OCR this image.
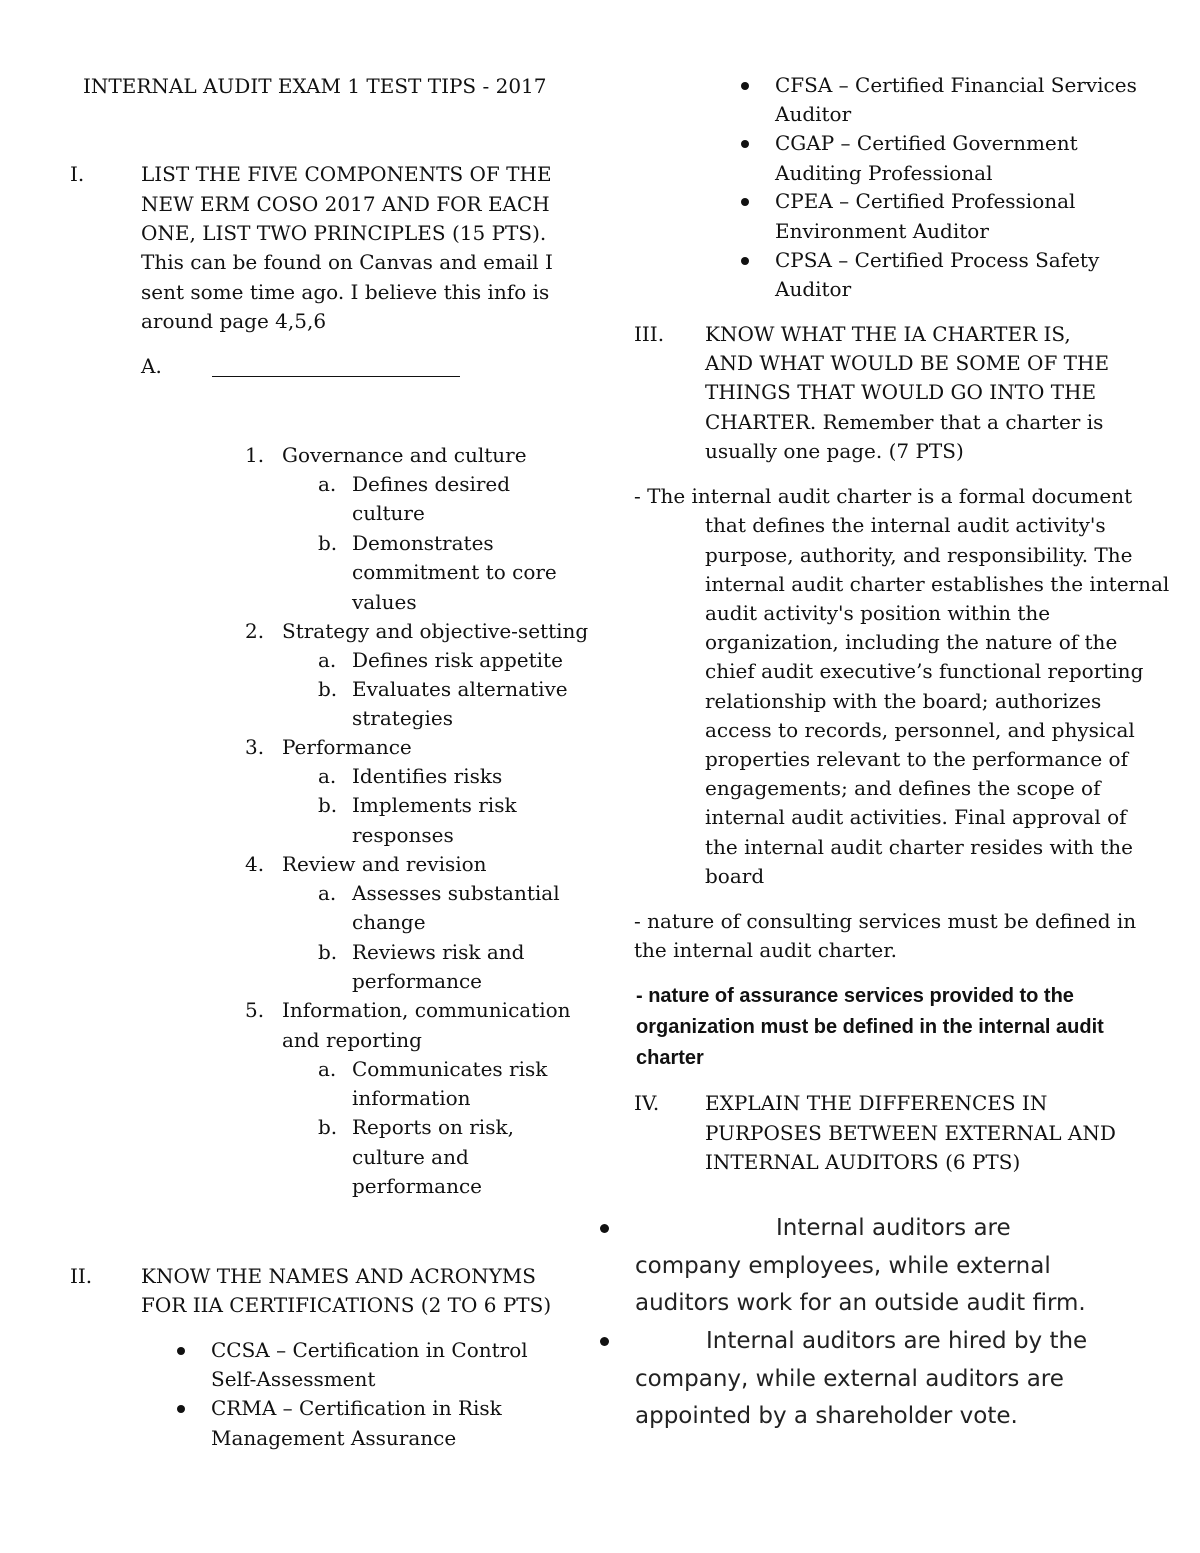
INTERNAL AUDIT EXAM 1 TEST TIPS - 2017
I.	LIST THE FIVE COMPONENTS OF THE
NEW ERM COSO 2017 AND FOR EACH
ONE, LIST TWO PRINCIPLES (15 PTS).
This can be found on Canvas and email I
sent some time ago. I believe this info is
around page 4,5,6
A.
1. Governance and culture
a. Defines desired
culture
b. Demonstrates
commitment to core
values
2. Strategy and objective-setting
a. Defines risk appetite
b. Evaluates alternative
strategies
3. Performance
a. Identifies risks
b. Implements risk
responses
4. Review and revision
a. Assesses substantial
change
b. Reviews risk and
performance
5. Information, communication
and reporting
a. Communicates risk
information
b. Reports on risk,
culture and
performance
II. KNOW THE NAMES AND ACRONYMS
FOR IIA CERTIFICATIONS (2 TO 6 PTS)
CCSA – Certification in Control
Self-Assessment
CRMA – Certification in Risk
Management Assurance
CFSA – Certified Financial Services
Auditor
CGAP – Certified Government
Auditing Professional
CPEA – Certified Professional
Environment Auditor
CPSA – Certified Process Safety
Auditor
III. KNOW WHAT THE IA CHARTER IS,
AND WHAT WOULD BE SOME OF THE
THINGS THAT WOULD GO INTO THE
CHARTER. Remember that a charter is
usually one page. (7 PTS)
- The internal audit charter is a formal document
that defines the internal audit activity's
purpose, authority, and responsibility. The
internal audit charter establishes the internal
audit activity's position within the
organization, including the nature of the
chief audit executive’s functional reporting
relationship with the board; authorizes
access to records, personnel, and physical
properties relevant to the performance of
engagements; and defines the scope of
internal audit activities. Final approval of
the internal audit charter resides with the
board
- nature of consulting services must be defined in
the internal audit charter.
- nature of assurance services provided to the
organization must be defined in the internal audit
charter
IV. EXPLAIN THE DIFFERENCES IN
PURPOSES BETWEEN EXTERNAL AND
INTERNAL AUDITORS (6 PTS)
Internal auditors are
company employees, while external
auditors work for an outside audit firm.
Internal auditors are hired by the
company, while external auditors are
appointed by a shareholder vote.
